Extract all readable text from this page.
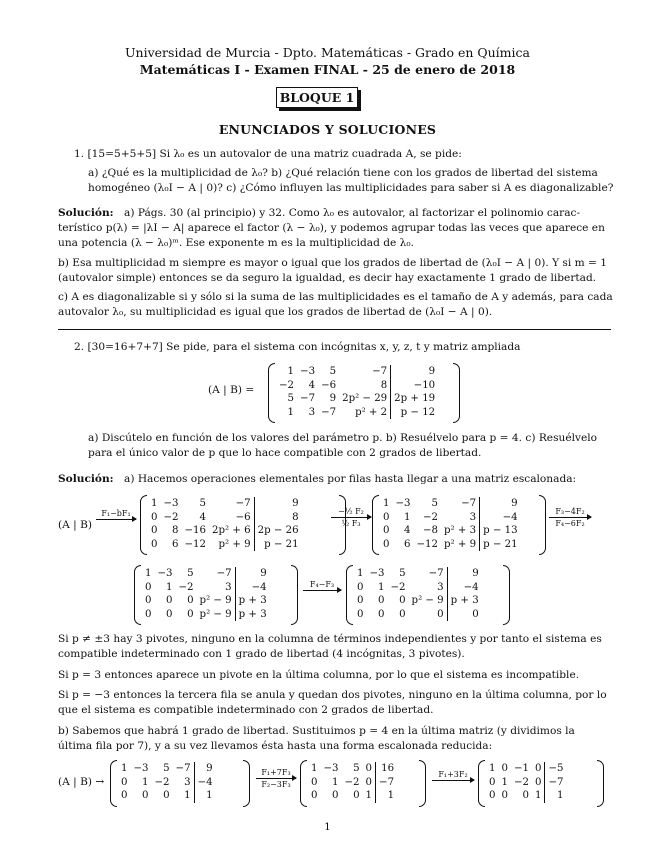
Universidad de Murcia - Dpto. Matemáticas - Grado en Química
Matemáticas I - Examen FINAL - 25 de enero de 2018
BLOQUE 1
ENUNCIADOS Y SOLUCIONES
1. [15=5+5+5] Si λ₀ es un autovalor de una matriz cuadrada A, se pide:
a) ¿Qué es la multiplicidad de λ₀? b) ¿Qué relación tiene con los grados de libertad del sistema
homogéneo (λ₀I − A | 0)? c) ¿Cómo influyen las multiplicidades para saber si A es diagonalizable?
Solución: a) Págs. 30 (al principio) y 32. Como λ₀ es autovalor, al factorizar el polinomio carac-
terístico p(λ) = |λI − A| aparece el factor (λ − λ₀), y podemos agrupar todas las veces que aparece en
una potencia (λ − λ₀)ᵐ. Ese exponente m es la multiplicidad de λ₀.
b) Esa multiplicidad m siempre es mayor o igual que los grados de libertad de (λ₀I − A | 0). Y si m = 1
(autovalor simple) entonces se da seguro la igualdad, es decir hay exactamente 1 grado de libertad.
c) A es diagonalizable si y sólo si la suma de las multiplicidades es el tamaño de A y además, para cada
autovalor λ₀, su multiplicidad es igual que los grados de libertad de (λ₀I − A | 0).
2. [30=16+7+7] Se pide, para el sistema con incógnitas x, y, z, t y matriz ampliada
(A | B) =
1	−3	5	−7	9
−2	4	−6	8	−10
5	−7	9	2p² − 29	2p + 19
1	3	−7	p² + 2	p − 12
a) Discútelo en función de los valores del parámetro p. b) Resuélvelo para p = 4. c) Resuélvelo
para el único valor de p que lo hace compatible con 2 grados de libertad.
Solución: a) Hacemos operaciones elementales por filas hasta llegar a una matriz escalonada:
(A | B)
F₁−bF₁
1	−3	5	−7	9
0	−2	4	−6	8
0	8	−16	2p² + 6	2p − 26
0	6	−12	p² + 9	p − 21
−½ F₂
½ F₃
1	−3	5	−7	9
0	1	−2	3	−4
0	4	−8	p² + 3	p − 13
0	6	−12	p² + 9	p − 21
F₃−4F₂
F₄−6F₂
1	−3	5	−7	9
0	1	−2	3	−4
0	0	0	p² − 9	p + 3
0	0	0	p² − 9	p + 3
F₄−F₃
1	−3	5	−7	9
0	1	−2	3	−4
0	0	0	p² − 9	p + 3
0	0	0	0	0
Si p ≠ ±3 hay 3 pivotes, ninguno en la columna de términos independientes y por tanto el sistema es
compatible indeterminado con 1 grado de libertad (4 incógnitas, 3 pivotes).
Si p = 3 entonces aparece un pivote en la última columna, por lo que el sistema es incompatible.
Si p = −3 entonces la tercera fila se anula y quedan dos pivotes, ninguno en la última columna, por lo
que el sistema es compatible indeterminado con 2 grados de libertad.
b) Sabemos que habrá 1 grado de libertad. Sustituimos p = 4 en la última matriz (y dividimos la
última fila por 7), y a su vez llevamos ésta hasta una forma escalonada reducida:
(A | B) →
1	−3	5	−7	9
0	1	−2	3	−4
0	0	0	1	1
F₁+7F₃
F₂−3F₃
1	−3	5	0	16
0	1	−2	0	−7
0	0	0	1	1
F₁+3F₂
1	0	−1	0	−5
0	1	−2	0	−7
0	0	0	1	1
1
